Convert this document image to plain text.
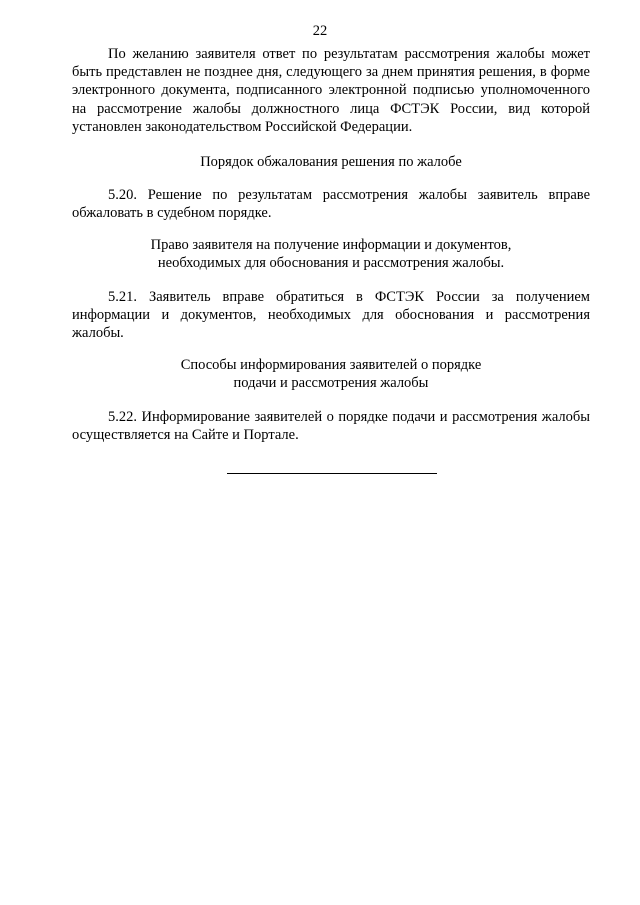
22

По желанию заявителя ответ по результатам рассмотрения жалобы может быть представлен не позднее дня, следующего за днем принятия решения, в форме электронного документа, подписанного электронной подписью уполномоченного на рассмотрение жалобы должностного лица ФСТЭК России, вид которой установлен законодательством Российской Федерации.

Порядок обжалования решения по жалобе

5.20. Решение по результатам рассмотрения жалобы заявитель вправе обжаловать в судебном порядке.

Право заявителя на получение информации и документов,
необходимых для обоснования и рассмотрения жалобы.

5.21. Заявитель вправе обратиться в ФСТЭК России за получением информации и документов, необходимых для обоснования и рассмотрения жалобы.

Способы информирования заявителей о порядке
подачи и рассмотрения жалобы

5.22. Информирование заявителей о порядке подачи и рассмотрения жалобы осуществляется на Сайте и Портале.
